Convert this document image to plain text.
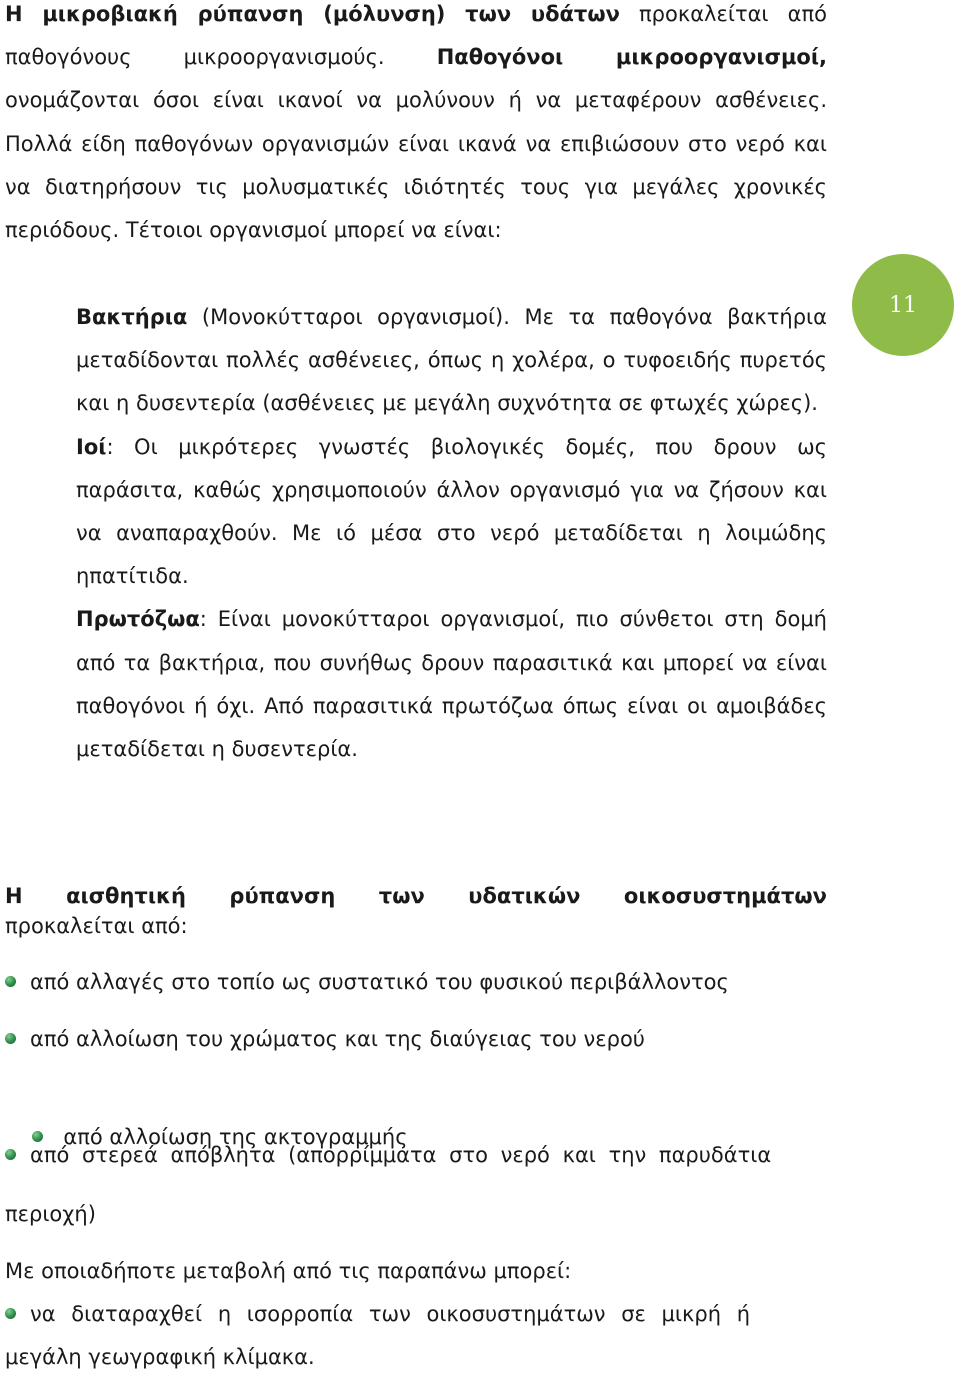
Η μικροβιακή ρύπανση (μόλυνση) των υδάτων προκαλείται από παθογόνους μικροοργανισμούς. Παθογόνοι μικροοργανισμοί, ονομάζονται όσοι είναι ικανοί να μολύνουν ή να μεταφέρουν ασθένειες. Πολλά είδη παθογόνων οργανισμών είναι ικανά να επιβιώσουν στο νερό και να διατηρήσουν τις μολυσματικές ιδιότητές τους για μεγάλες χρονικές περιόδους. Τέτοιοι οργανισμοί μπορεί να είναι:
Βακτήρια (Μονοκύτταροι οργανισμοί). Με τα παθογόνα βακτήρια μεταδίδονται πολλές ασθένειες, όπως η χολέρα, ο τυφοειδής πυρετός και η δυσεντερία (ασθένειες με μεγάλη συχνότητα σε φτωχές χώρες).
Ιοί: Οι μικρότερες γνωστές βιολογικές δομές, που δρουν ως παράσιτα, καθώς χρησιμοποιούν άλλον οργανισμό για να ζήσουν και να αναπαραχθούν. Με ιό μέσα στο νερό μεταδίδεται η λοιμώδης ηπατίτιδα.
Πρωτόζωα: Είναι μονοκύτταροι οργανισμοί, πιο σύνθετοι στη δομή από τα βακτήρια, που συνήθως δρουν παρασιτικά και μπορεί να είναι παθογόνοι ή όχι. Από παρασιτικά πρωτόζωα όπως είναι οι αμοιβάδες μεταδίδεται η δυσεντερία.
11
Η αισθητική ρύπανση των υδατικών οικοσυστημάτων
προκαλείται από:
από αλλαγές στο τοπίο ως συστατικό του φυσικού περιβάλλοντος
από αλλοίωση του χρώματος και της διαύγειας του νερού

από αλλοίωση της ακτογραμμής

από στερεά απόβλητα (απορρίμματα στο νερό και την παρυδάτια
περιοχή)
Με οποιαδήποτε μεταβολή από τις παραπάνω μπορεί:
να διαταραχθεί η ισορροπία των οικοσυστημάτων σε μικρή ή
μεγάλη γεωγραφική κλίμακα.
